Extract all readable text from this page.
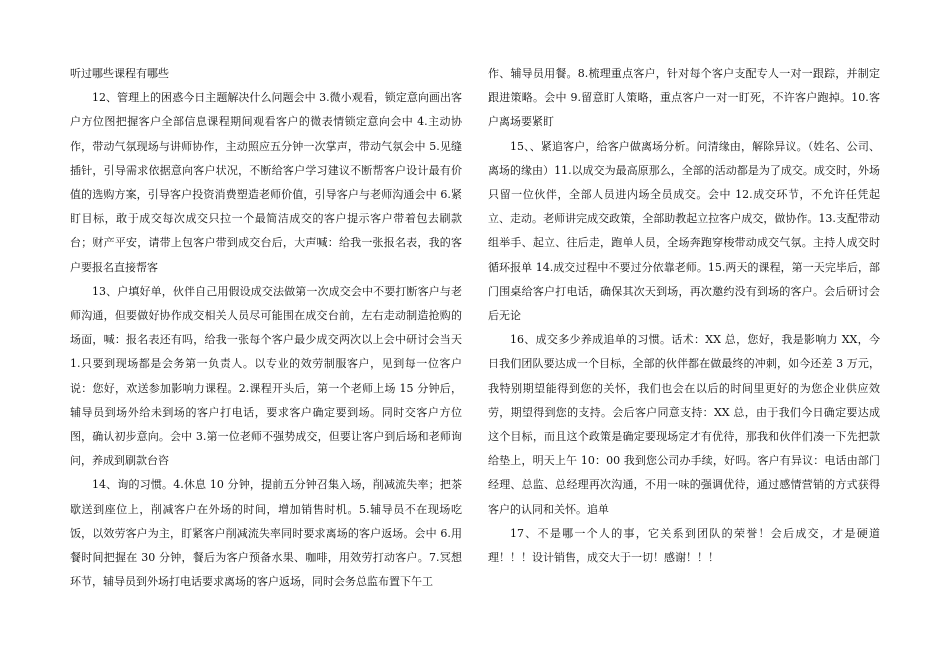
听过哪些课程有哪些

12、管理上的困惑今日主题解决什么问题会中 3.微小观看，锁定意向画出客户方位图把握客户全部信息课程期间观看客户的微表情锁定意向会中 4.主动协作，带动气氛现场与讲师协作，主动照应五分钟一次掌声，带动气氛会中 5.见缝插针，引导需求依据意向客户状况，不断给客户学习建议不断帮客户设计最有价值的选购方案，引导客户投资消费塑造老师价值，引导客户与老师沟通会中 6.紧盯目标，敢于成交每次成交只拉一个最简洁成交的客户提示客户带着包去刷款台；财产平安，请带上包客户带到成交台后，大声喊：给我一张报名表，我的客户要报名直接帮客

13、户填好单，伙伴自己用假设成交法做第一次成交会中不要打断客户与老师沟通，但要做好协作成交相关人员尽可能围在成交台前，左右走动制造抢购的场面，喊：报名表还有吗，给我一张每个客户最少成交两次以上会中研讨会当天 1.只要到现场都是会务第一负责人。以专业的效劳制服客户，见到每一位客户说：您好，欢送参加影响力课程。2.课程开头后，第一个老师上场 15 分钟后，辅导员到场外给未到场的客户打电话，要求客户确定要到场。同时交客户方位图，确认初步意向。会中 3.第一位老师不强势成交，但要让客户到后场和老师询问，养成到刷款台咨

14、询的习惯。4.休息 10 分钟，提前五分钟召集入场，削减流失率；把茶歇送到座位上，削减客户在外场的时间，增加销售时机。5.辅导员不在现场吃饭，以效劳客户为主，盯紧客户削减流失率同时要求离场的客户返场。会中 6.用餐时间把握在 30 分钟，餐后为客户预备水果、咖啡，用效劳打动客户。7.冥想环节，辅导员到外场打电话要求离场的客户返场，同时会务总监布置下午工

作、辅导员用餐。8.梳理重点客户，针对每个客户支配专人一对一跟踪，并制定跟进策略。会中 9.留意盯人策略，重点客户一对一盯死，不许客户跑掉。10.客户离场要紧盯

15、、紧追客户，给客户做离场分析。问清缘由，解除异议。（姓名、公司、离场的缘由）11.以成交为最高原那么，全部的活动都是为了成交。成交时，外场只留一位伙伴，全部人员进内场全员成交。会中 12.成交环节，不允许任凭起立、走动。老师讲完成交政策，全部助教起立拉客户成交，做协作。13.支配带动组举手、起立、往后走，跑单人员，全场奔跑穿梭带动成交气氛。主持人成交时循环报单 14.成交过程中不要过分依靠老师。15.两天的课程，第一天完毕后，部门围桌给客户打电话，确保其次天到场，再次邀约没有到场的客户。会后研讨会后无论

16、成交多少养成追单的习惯。话术：XX 总，您好，我是影响力 XX，今日我们团队要达成一个目标，全部的伙伴都在做最终的冲刺，如今还差 3 万元，我特别期望能得到您的关怀，我们也会在以后的时间里更好的为您企业供应效劳，期望得到您的支持。会后客户同意支持：XX 总，由于我们今日确定要达成这个目标，而且这个政策是确定要现场定才有优待，那我和伙伴们凑一下先把款给垫上，明天上午 10：00 我到您公司办手续，好吗。客户有异议：电话由部门经理、总监、总经理再次沟通，不用一味的强调优待，通过感情营销的方式获得客户的认同和关怀。追单

17、不是哪一个人的事，它关系到团队的荣誉！会后成交，才是硬道理！！！设计销售，成交大于一切！感谢！！！
